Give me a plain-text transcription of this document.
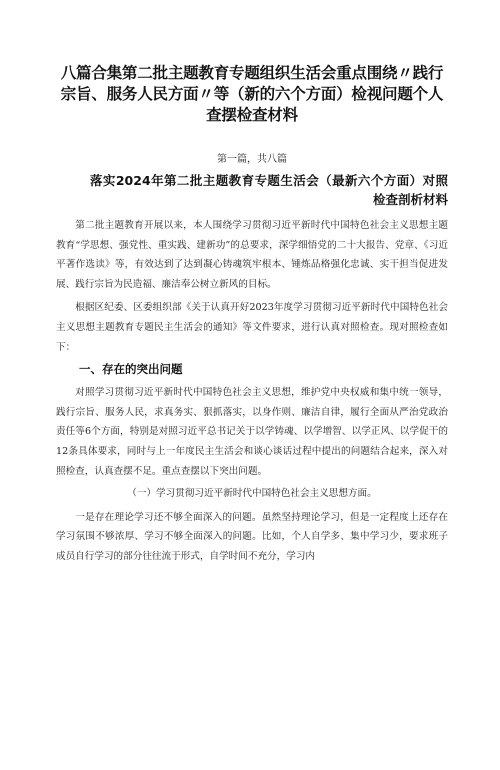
八篇合集第二批主题教育专题组织生活会重点围绕〃践行宗旨、服务人民方面〃等（新的六个方面）检视问题个人查摆检查材料
第一篇，共八篇
落实2024年第二批主题教育专题生活会（最新六个方面）对照检查剖析材料

第二批主题教育开展以来，本人围绕学习贯彻习近平新时代中国特色社会主义思想主题教育“学思想、强党性、重实践、建新功”的总要求，深学细悟党的二十大报告、党章、《习近平著作选读》等，有效达到了达到凝心铸魂筑牢根本、锤炼品格强化忠诚、实干担当促进发展、践行宗旨为民造福、廉洁奉公树立新风的目标。

根据区纪委、区委组织部《关于认真开好2023年度学习贯彻习近平新时代中国特色社会主义思想主题教育专题民主生活会的通知》等文件要求，进行认真对照检查。现对照检查如下：

一、存在的突出问题

对照学习贯彻习近平新时代中国特色社会主义思想，维护党中央权威和集中统一领导，践行宗旨、服务人民，求真务实、狠抓落实，以身作则、廉洁自律，履行全面从严治党政治责任等6个方面，特别是对照习近平总书记关于以学铸魂、以学增智、以学正风、以学促干的12条具体要求，同时与上一年度民主生活会和谈心谈话过程中提出的问题结合起来，深入对照检查，认真查摆不足。重点查摆以下突出问题。

（一）学习贯彻习近平新时代中国特色社会主义思想方面。

一是存在理论学习还不够全面深入的问题。虽然坚持理论学习，但是一定程度上还存在学习氛围不够浓厚、学习不够全面深入的问题。比如，个人自学多、集中学习少，要求班子成员自行学习的部分往往流于形式，自学时间不充分，学习内
